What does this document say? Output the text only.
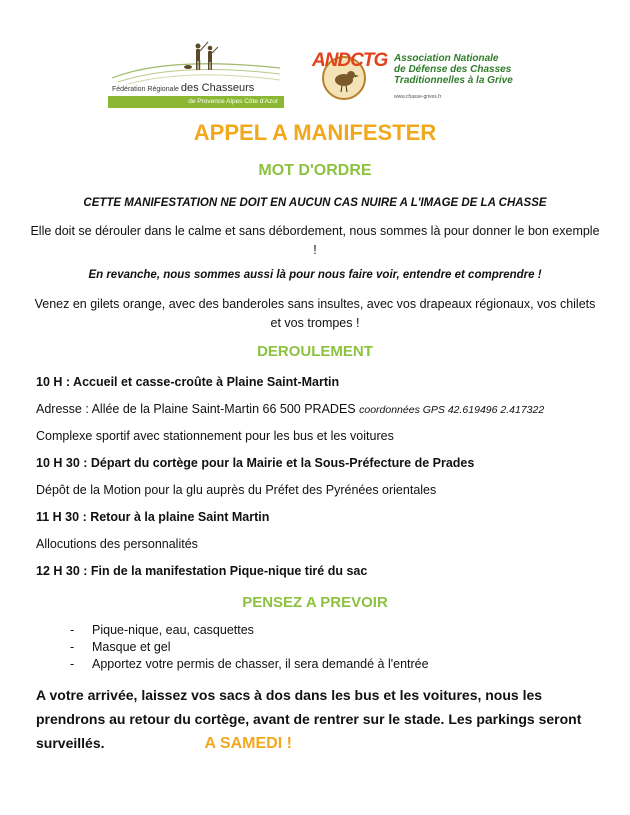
Fédération Régionale des Chasseurs
de Provence Alpes Côte d'Azur
ANDCTG Association Nationale
de Défense des Chasses
Traditionnelles à la Grive
www.chasse-grives.fr
APPEL A MANIFESTER
MOT D'ORDRE
CETTE MANIFESTATION NE DOIT EN AUCUN CAS NUIRE A L'IMAGE DE LA CHASSE
Elle doit se dérouler dans le calme et sans débordement, nous sommes là pour donner le bon exemple !
En revanche, nous sommes aussi là pour nous faire voir, entendre et comprendre !
Venez en gilets orange, avec des banderoles sans insultes, avec vos drapeaux régionaux, vos chilets et vos trompes !
DEROULEMENT
10 H : Accueil et casse-croûte à Plaine Saint-Martin
Adresse : Allée de la Plaine Saint-Martin 66 500 PRADES coordonnées GPS 42.619496 2.417322
Complexe sportif avec stationnement pour les bus et les voitures
10 H 30 : Départ du cortège pour la Mairie et la Sous-Préfecture de Prades
Dépôt de la Motion pour la glu auprès du Préfet des Pyrénées orientales
11 H 30 : Retour à la plaine Saint Martin
Allocutions des personnalités
12 H 30 : Fin de la manifestation Pique-nique tiré du sac
PENSEZ A PREVOIR
- Pique-nique, eau, casquettes
- Masque et gel
- Apportez votre permis de chasser, il sera demandé à l'entrée
A votre arrivée, laissez vos sacs à dos dans les bus et les voitures, nous les prendrons au retour du cortège, avant de rentrer sur le stade. Les parkings seront surveillés.	A SAMEDI !
